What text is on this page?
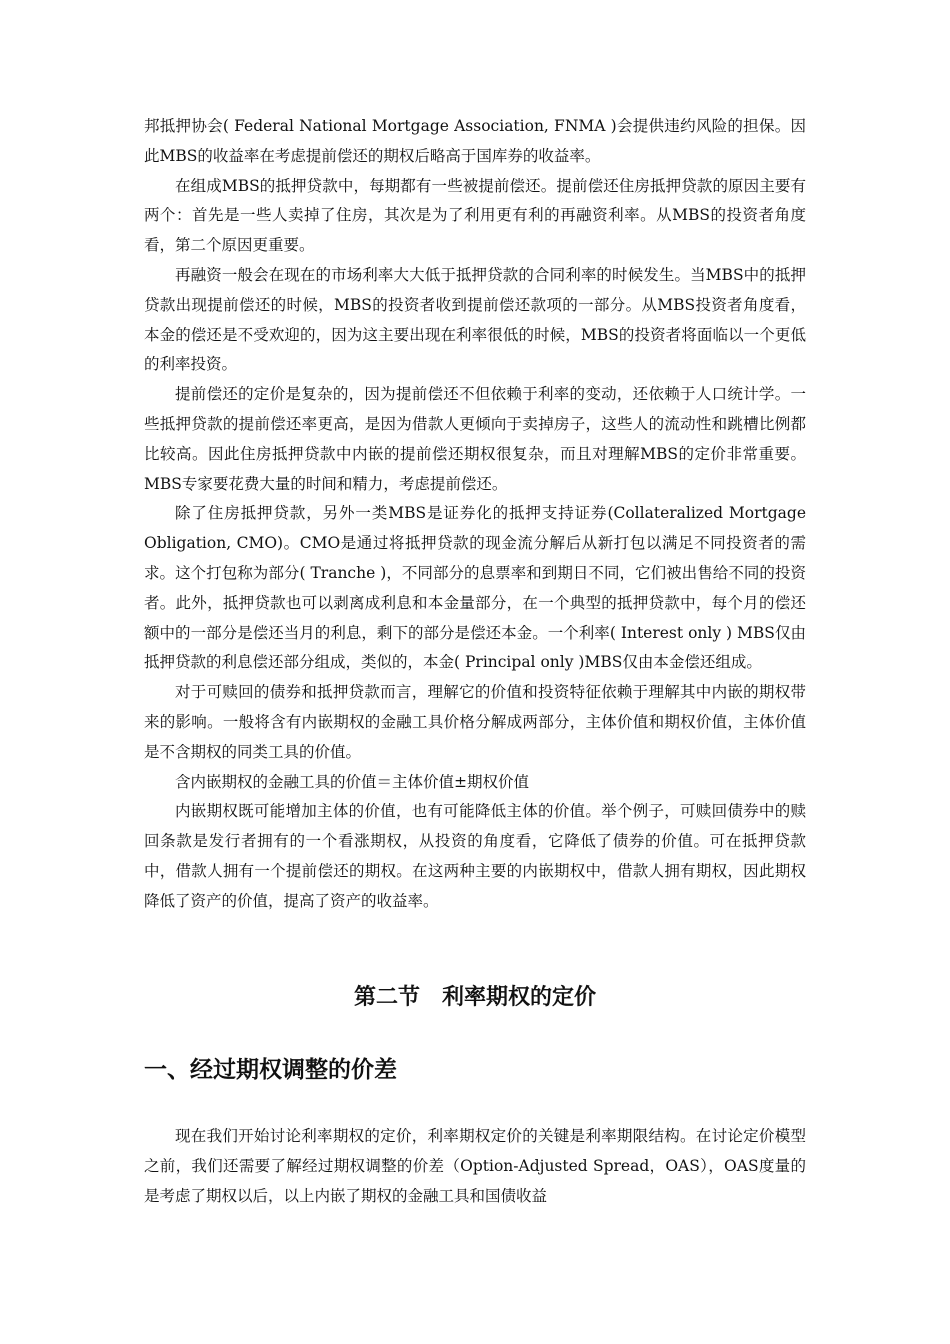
邦抵押协会( Federal National Mortgage Association, FNMA )会提供违约风险的担保。因此MBS的收益率在考虑提前偿还的期权后略高于国库券的收益率。

在组成MBS的抵押贷款中，每期都有一些被提前偿还。提前偿还住房抵押贷款的原因主要有两个：首先是一些人卖掉了住房，其次是为了利用更有利的再融资利率。从MBS的投资者角度看，第二个原因更重要。

再融资一般会在现在的市场利率大大低于抵押贷款的合同利率的时候发生。当MBS中的抵押贷款出现提前偿还的时候，MBS的投资者收到提前偿还款项的一部分。从MBS投资者角度看，本金的偿还是不受欢迎的，因为这主要出现在利率很低的时候，MBS的投资者将面临以一个更低的利率投资。

提前偿还的定价是复杂的，因为提前偿还不但依赖于利率的变动，还依赖于人口统计学。一些抵押贷款的提前偿还率更高，是因为借款人更倾向于卖掉房子，这些人的流动性和跳槽比例都比较高。因此住房抵押贷款中内嵌的提前偿还期权很复杂，而且对理解MBS的定价非常重要。MBS专家要花费大量的时间和精力，考虑提前偿还。

除了住房抵押贷款，另外一类MBS是证券化的抵押支持证券(Collateralized Mortgage Obligation, CMO)。CMO是通过将抵押贷款的现金流分解后从新打包以满足不同投资者的需求。这个打包称为部分( Tranche )，不同部分的息票率和到期日不同，它们被出售给不同的投资者。此外，抵押贷款也可以剥离成利息和本金量部分，在一个典型的抵押贷款中，每个月的偿还额中的一部分是偿还当月的利息，剩下的部分是偿还本金。一个利率( Interest only ) MBS仅由抵押贷款的利息偿还部分组成，类似的，本金( Principal only )MBS仅由本金偿还组成。

对于可赎回的债券和抵押贷款而言，理解它的价值和投资特征依赖于理解其中内嵌的期权带来的影响。一般将含有内嵌期权的金融工具价格分解成两部分，主体价值和期权价值，主体价值是不含期权的同类工具的价值。

含内嵌期权的金融工具的价值＝主体价值±期权价值

内嵌期权既可能增加主体的价值，也有可能降低主体的价值。举个例子，可赎回债券中的赎回条款是发行者拥有的一个看涨期权，从投资的角度看，它降低了债券的价值。可在抵押贷款中，借款人拥有一个提前偿还的期权。在这两种主要的内嵌期权中，借款人拥有期权，因此期权降低了资产的价值，提高了资产的收益率。

第二节　利率期权的定价
一、经过期权调整的价差

现在我们开始讨论利率期权的定价，利率期权定价的关键是利率期限结构。在讨论定价模型之前，我们还需要了解经过期权调整的价差（Option-Adjusted Spread，OAS），OAS度量的是考虑了期权以后，以上内嵌了期权的金融工具和国债收益
